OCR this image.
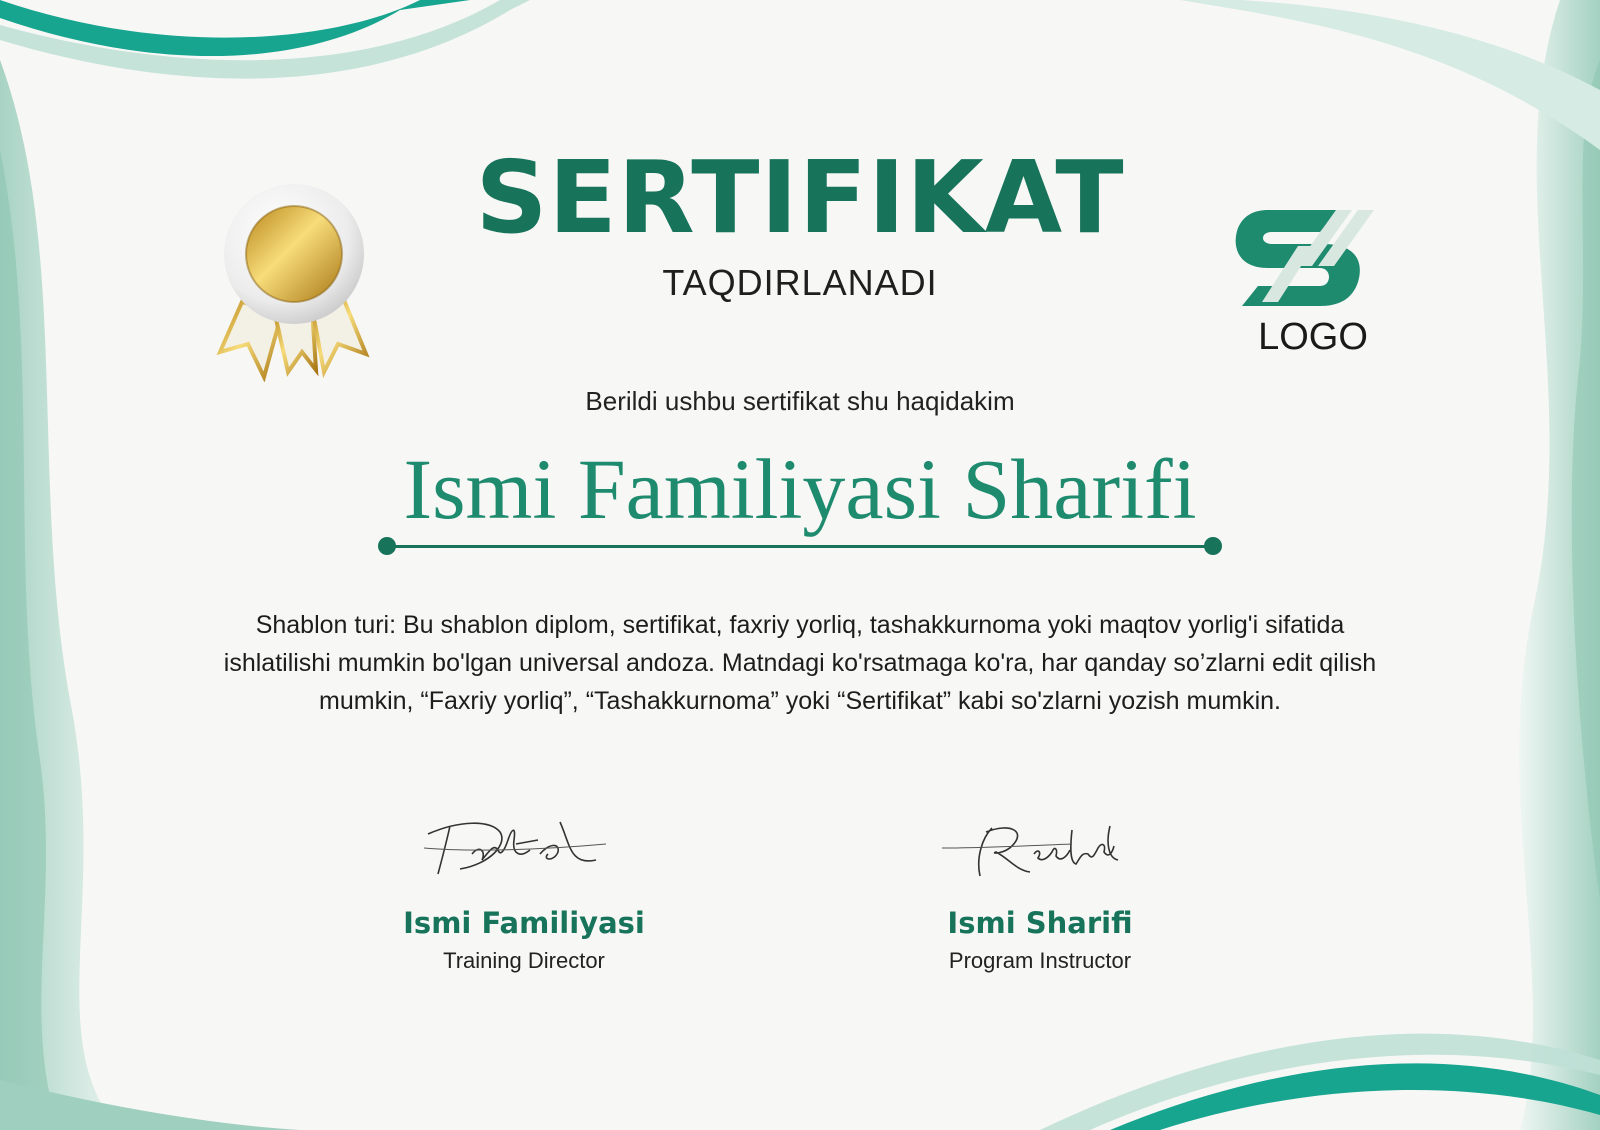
SERTIFIKAT
TAQDIRLANADI
LOGO
Berildi ushbu sertifikat shu haqidakim
Ismi Familiyasi Sharifi
Shablon turi: Bu shablon diplom, sertifikat, faxriy yorliq, tashakkurnoma yoki maqtov yorlig'i sifatida
ishlatilishi mumkin bo'lgan universal andoza. Matndagi ko'rsatmaga ko'ra, har qanday so’zlarni edit qilish
mumkin, “Faxriy yorliq”, “Tashakkurnoma” yoki “Sertifikat” kabi so'zlarni yozish mumkin.
Ismi Familiyasi
Training Director
Ismi Sharifi
Program Instructor
